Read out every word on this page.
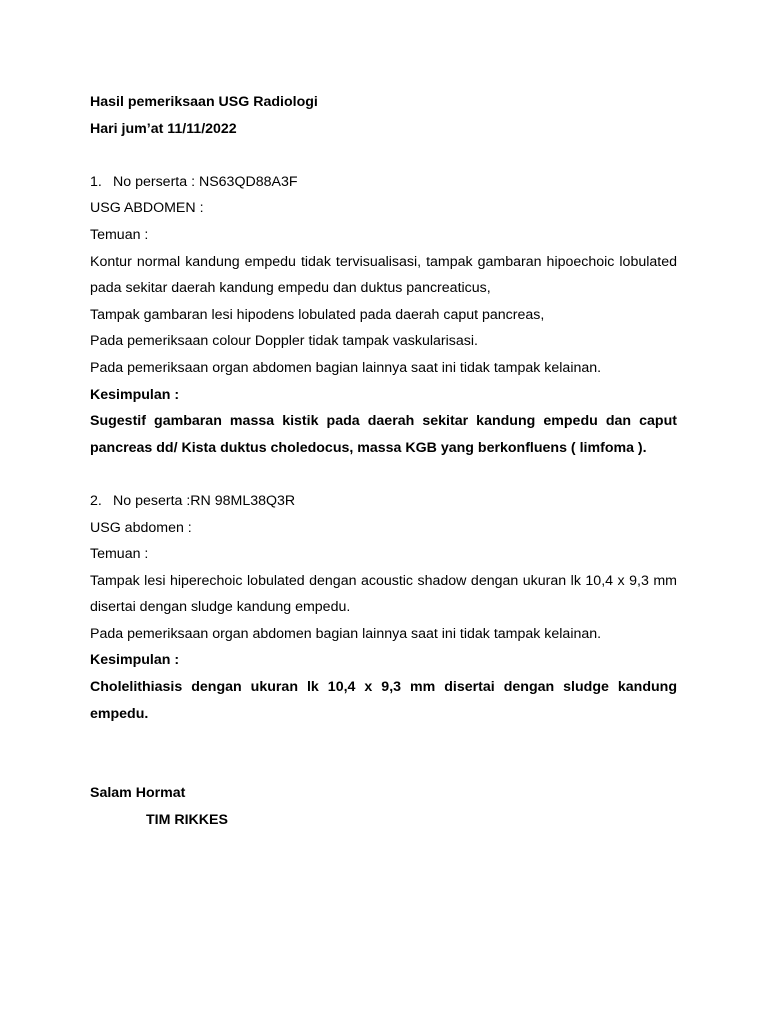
Hasil pemeriksaan USG Radiologi
Hari jum’at 11/11/2022
1. No perserta : NS63QD88A3F
USG ABDOMEN :
Temuan :
Kontur normal kandung empedu tidak tervisualisasi, tampak gambaran hipoechoic lobulated pada sekitar daerah kandung empedu dan duktus pancreaticus,
Tampak gambaran lesi hipodens lobulated pada daerah caput pancreas,
Pada pemeriksaan colour Doppler tidak tampak vaskularisasi.
Pada pemeriksaan organ abdomen bagian lainnya saat ini tidak tampak kelainan.
Kesimpulan :
Sugestif gambaran massa kistik pada daerah sekitar kandung empedu dan caput pancreas dd/ Kista duktus choledocus, massa KGB yang berkonfluens ( limfoma ).
2. No peserta :RN 98ML38Q3R
USG abdomen :
Temuan :
Tampak lesi hiperechoic lobulated dengan acoustic shadow dengan ukuran lk 10,4 x 9,3 mm disertai dengan sludge kandung empedu.
Pada pemeriksaan organ abdomen bagian lainnya saat ini tidak tampak kelainan.
Kesimpulan :
Cholelithiasis dengan ukuran lk 10,4 x 9,3 mm disertai dengan sludge kandung empedu.
Salam Hormat
TIM RIKKES
